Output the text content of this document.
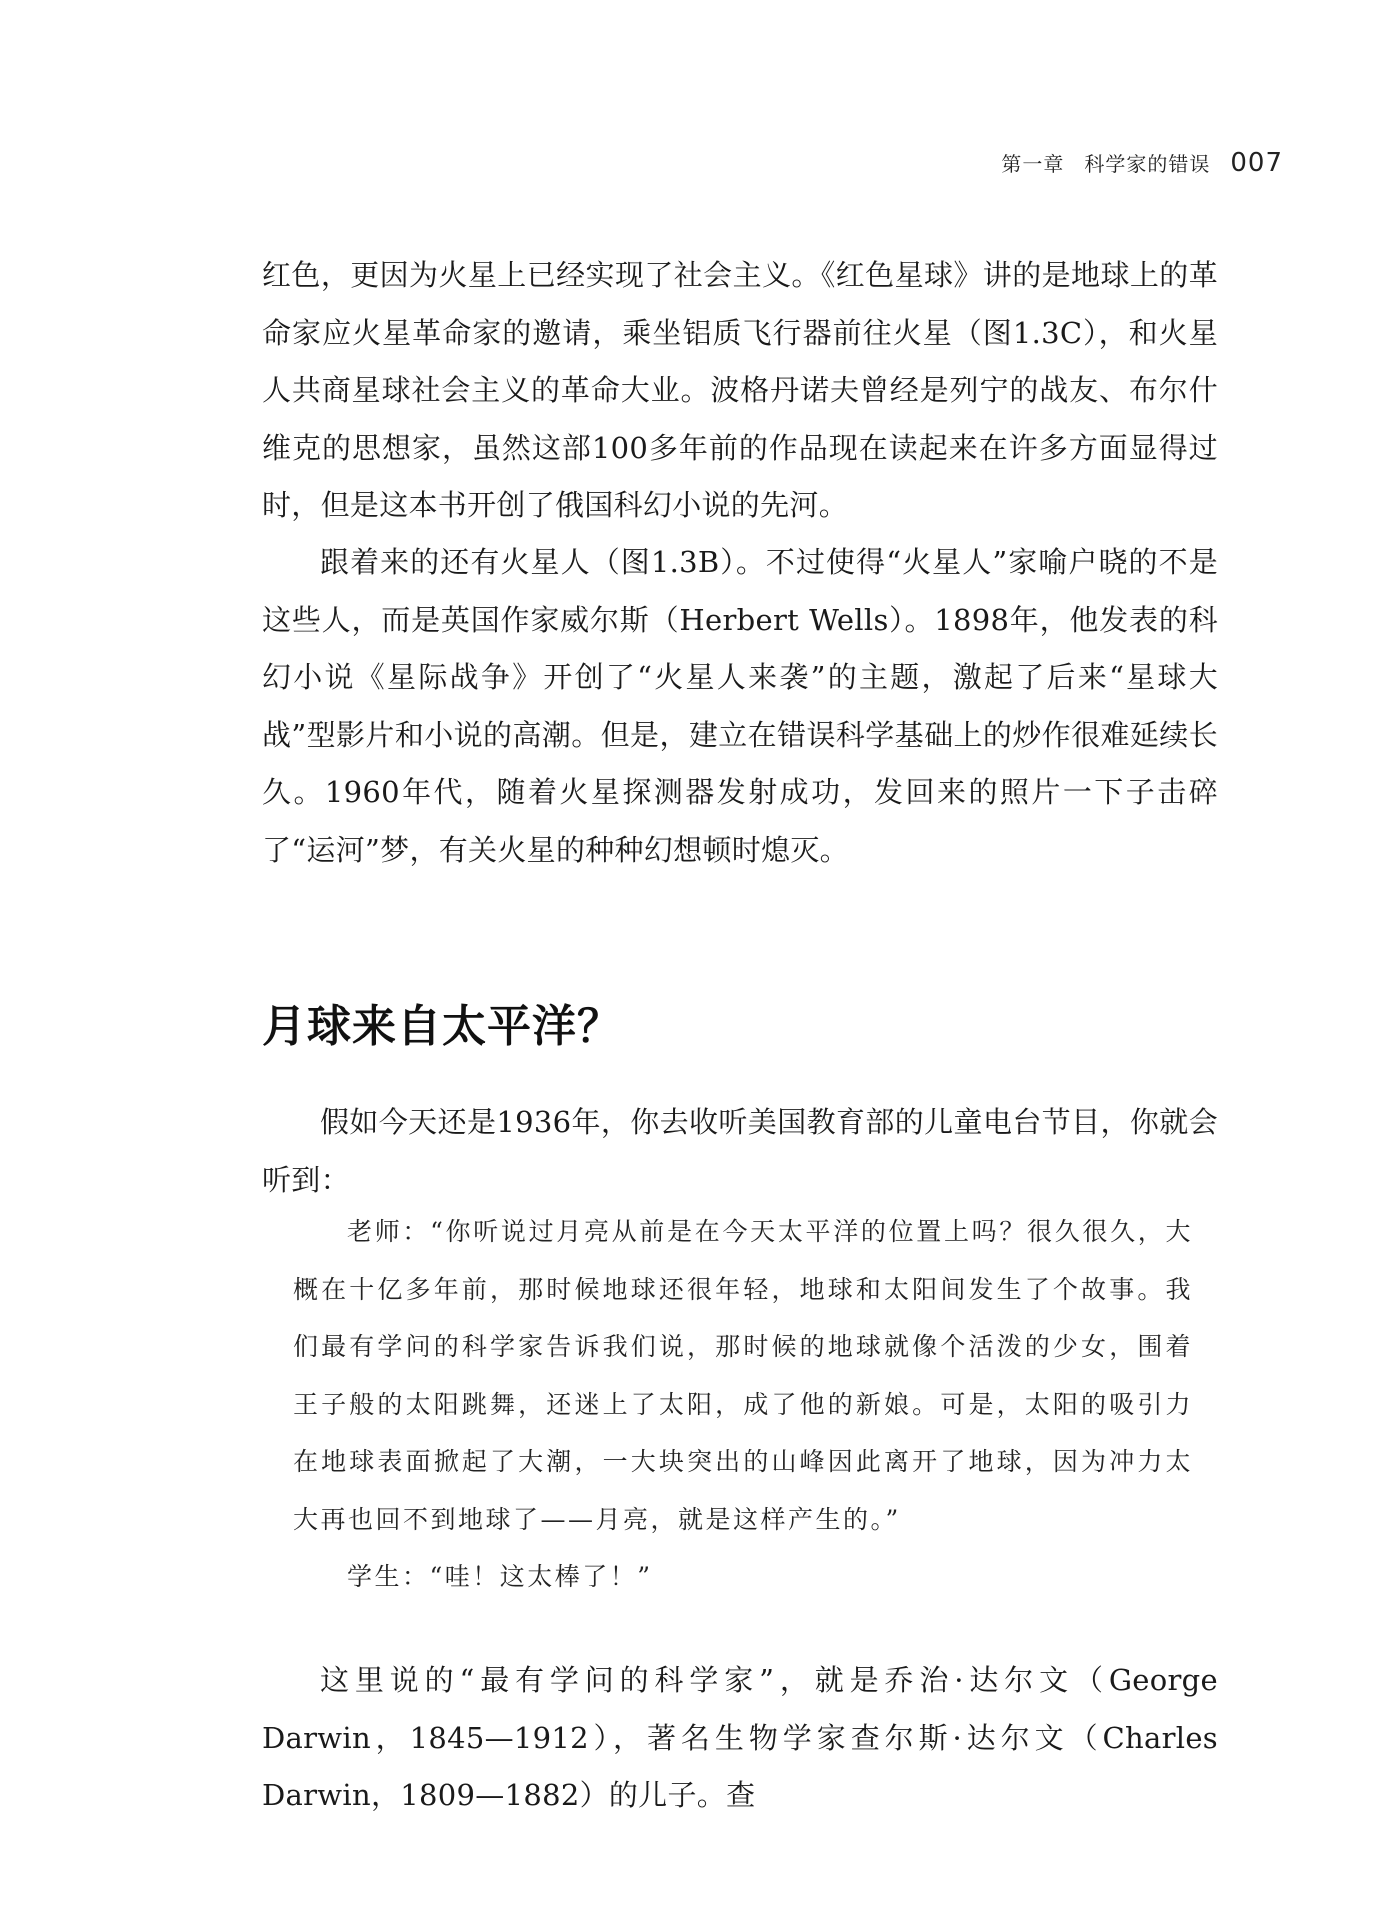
第一章 科学家的错误 007

红色，更因为火星上已经实现了社会主义。《红色星球》讲的是地球上的革命家应火星革命家的邀请，乘坐铝质飞行器前往火星（图1.3C），和火星人共商星球社会主义的革命大业。波格丹诺夫曾经是列宁的战友、布尔什维克的思想家，虽然这部100多年前的作品现在读起来在许多方面显得过时，但是这本书开创了俄国科幻小说的先河。

跟着来的还有火星人（图1.3B）。不过使得“火星人”家喻户晓的不是这些人，而是英国作家威尔斯（Herbert Wells）。1898年，他发表的科幻小说《星际战争》开创了“火星人来袭”的主题，激起了后来“星球大战”型影片和小说的高潮。但是，建立在错误科学基础上的炒作很难延续长久。1960年代，随着火星探测器发射成功，发回来的照片一下子击碎了“运河”梦，有关火星的种种幻想顿时熄灭。

月球来自太平洋？

假如今天还是1936年，你去收听美国教育部的儿童电台节目，你就会听到：

老师：“你听说过月亮从前是在今天太平洋的位置上吗？很久很久，大概在十亿多年前，那时候地球还很年轻，地球和太阳间发生了个故事。我们最有学问的科学家告诉我们说，那时候的地球就像个活泼的少女，围着王子般的太阳跳舞，还迷上了太阳，成了他的新娘。可是，太阳的吸引力在地球表面掀起了大潮，一大块突出的山峰因此离开了地球，因为冲力太大再也回不到地球了——月亮，就是这样产生的。”

学生：“哇！这太棒了！”

这里说的“最有学问的科学家”，就是乔治·达尔文（George Darwin，1845—1912），著名生物学家查尔斯·达尔文（Charles Darwin，1809—1882）的儿子。查
